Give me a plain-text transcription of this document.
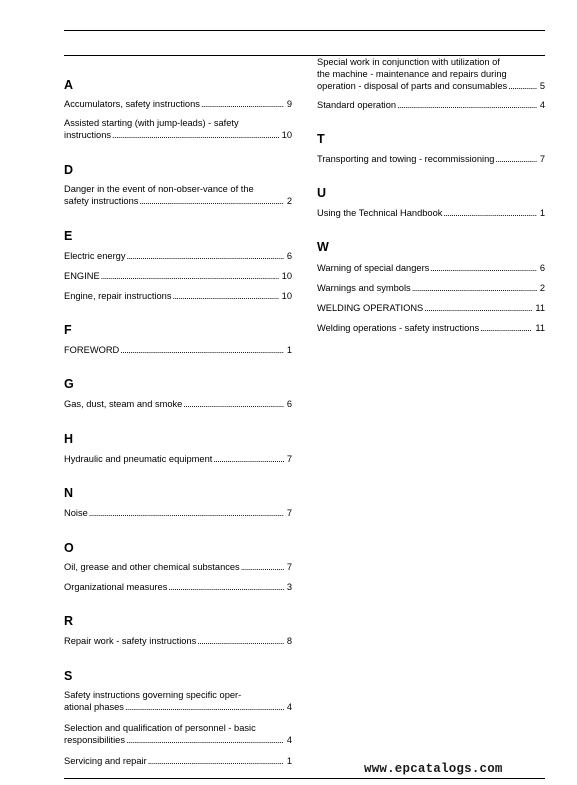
A
Accumulators, safety instructions . . .	9
Assisted starting (with jump-leads) - safety
instructions . . .	10
D
Danger in the event of non-obser-vance of the
safety instructions . . .	2
E
Electric energy . . .	6
ENGINE . . .	10
Engine, repair instructions . . .	10
F
FOREWORD . . .	1
G
Gas, dust, steam and smoke . . .	6
H
Hydraulic and pneumatic equipment . . .	7
N
Noise . . .	7
O
Oil, grease and other chemical substances . . .	7
Organizational measures . . .	3
R
Repair work - safety instructions . . .	8
S
Safety instructions governing specific oper-
ational phases . . .	4
Selection and qualification of personnel - basic
responsibilities . . .	4
Servicing and repair . . .	1
Special work in conjunction with utilization of
the machine - maintenance and repairs during
operation - disposal of parts and consumables . . .	5
Standard operation . . .	4
T
Transporting and towing - recommissioning . . .	7
U
Using the Technical Handbook . . .	1
W
Warning of special dangers . . .	6
Warnings and symbols . . .	2
WELDING OPERATIONS . . .	11
Welding operations - safety instructions . . .	11
www.epcatalogs.com
